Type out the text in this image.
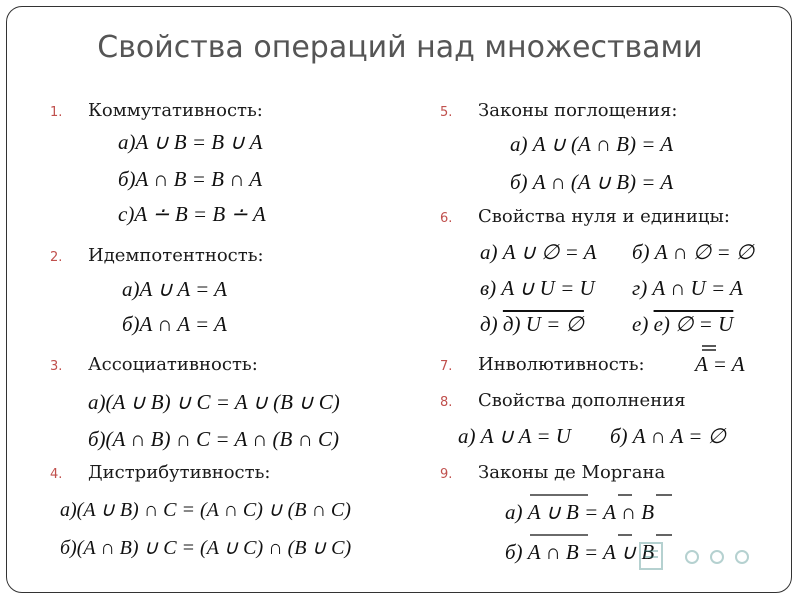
Свойства операций над множествами
1.	Коммутативность:
а)A ∪ B = B ∪ A
б)A ∩ B = B ∩ A
с)A ∸ B = B ∸ A
2.	Идемпотентность:
а)A ∪ A = A
б)A ∩ A = A
3.	Ассоциативность:
а)(A ∪ B) ∪ C = A ∪ (B ∪ C)
б)(A ∩ B) ∩ C = A ∩ (B ∩ C)
4.	Дистрибутивность:
а)(A ∪ B) ∩ C = (A ∩ C) ∪ (B ∩ C)
б)(A ∩ B) ∪ C = (A ∪ C) ∩ (B ∪ C)
5.	Законы поглощения:
а) A ∪ (A ∩ B) = A
б) A ∩ (A ∪ B) = A
6.	Свойства нуля и единицы:
а) A ∪ ∅ = A б) A ∩ ∅ = ∅
в) A ∪ U = U г) A ∩ U = A
д) д) U = ∅ е) е) ∅ = U
7.	Инволютивность: A = A
8.	Свойства дополнения
а) A ∪ A = U б) A ∩ A = ∅
9.	Законы де Моргана
а) A ∪ B = A ∩ B
б) A ∩ B = A ∪ B
